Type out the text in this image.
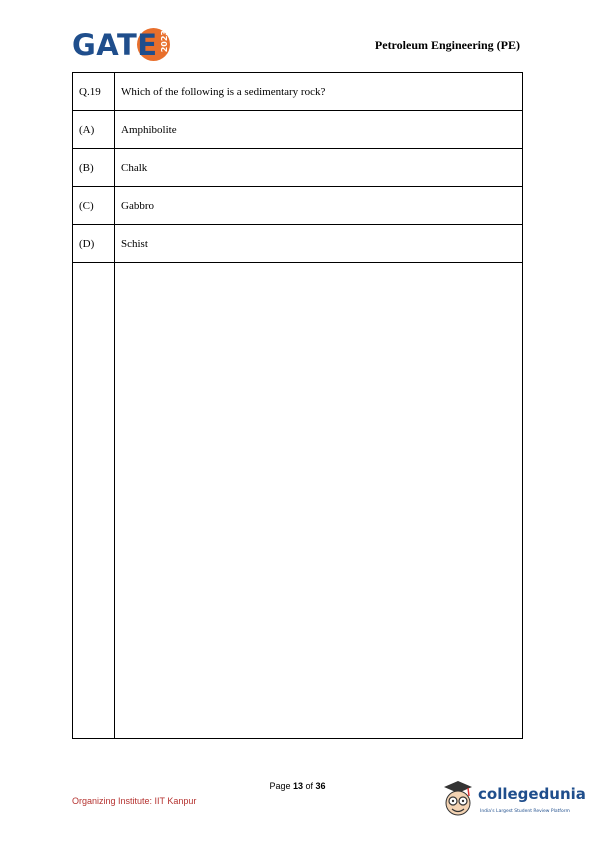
GATE 2023	Petroleum Engineering (PE)
Q.19	Which of the following is a sedimentary rock?
(A)	Amphibolite
(B)	Chalk
(C)	Gabbro
(D)	Schist

Page 13 of 36
Organizing Institute: IIT Kanpur	collegedunia
India's Largest Student Review Platform
